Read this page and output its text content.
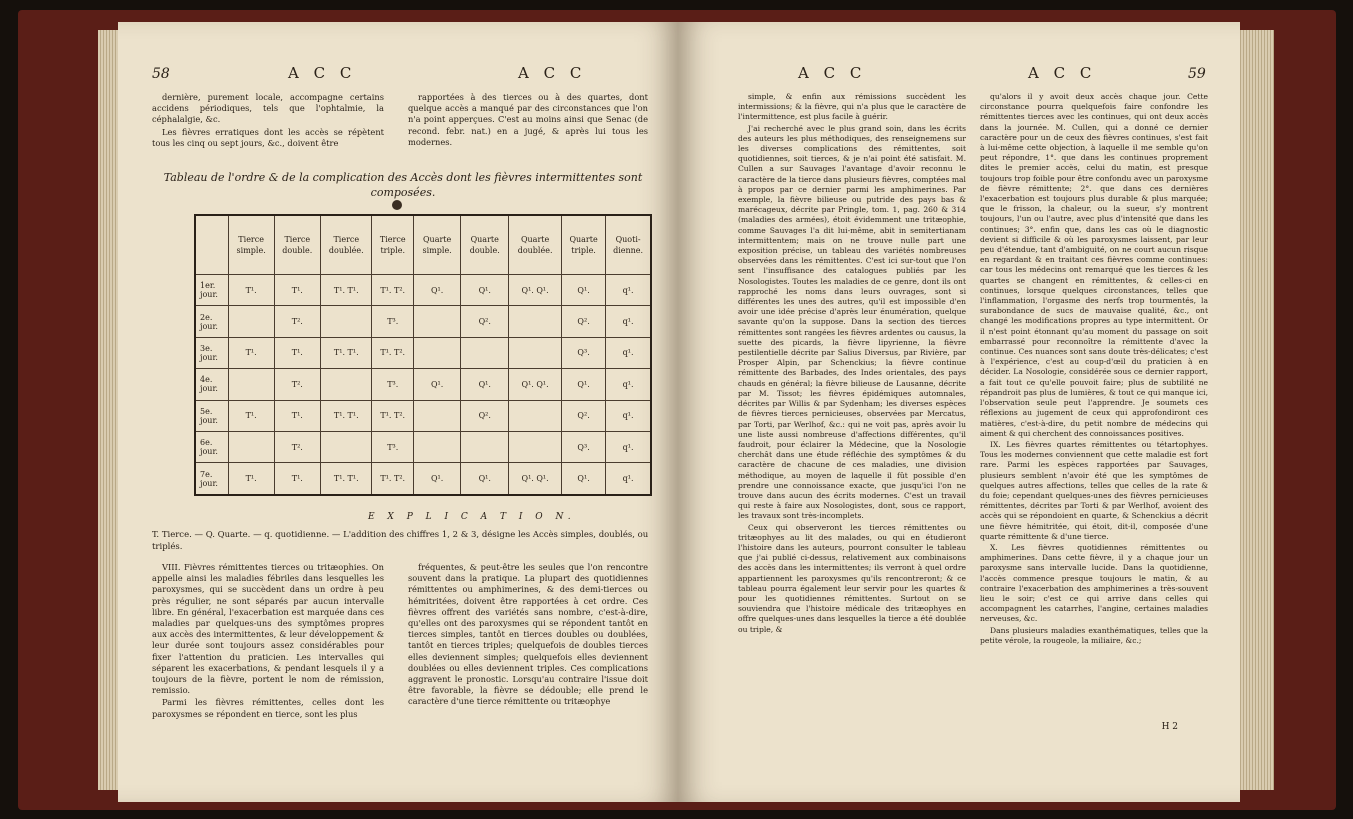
58	A C C	A C C

dernière, purement locale, accompagne certains accidens périodiques, tels que l'ophtalmie, la céphalalgie, &c.

Les fièvres erratiques dont les accès se répètent tous les cinq ou sept jours, &c., doivent être

rapportées à des tierces ou à des quartes, dont quelque accès a manqué par des circonstances que l'on n'a point apperçues. C'est au moins ainsi que Senac (de recond. febr. nat.) en a jugé, & après lui tous les modernes.

Tableau de l'ordre & de la complication des Accès dont les fièvres intermittentes sont composées.
	Tierce simple.	Tierce double.	Tierce doublée.	Tierce triple.	Quarte simple.	Quarte double.	Quarte doublée.	Quarte triple.	Quoti-dienne.
1er. jour.	T¹.	T¹.	T¹. T¹.	T¹. T².	Q¹.	Q¹.	Q¹. Q¹.	Q¹.	q¹.
2e. jour.		T².		T³.		Q².		Q².	q¹.
3e. jour.	T¹.	T¹.	T¹. T¹.	T¹. T².				Q³.	q¹.
4e. jour.		T².		T³.	Q¹.	Q¹.	Q¹. Q¹.	Q¹.	q¹.
5e. jour.	T¹.	T¹.	T¹. T¹.	T¹. T².		Q².		Q².	q¹.
6e. jour.		T².		T³.				Q³.	q¹.
7e. jour.	T¹.	T¹.	T¹. T¹.	T¹. T².	Q¹.	Q¹.	Q¹. Q¹.	Q¹.	q¹.
E X P L I C A T I O N.
T. Tierce. — Q. Quarte. — q. quotidienne. — L'addition des chiffres 1, 2 & 3, désigne les Accès simples, doublés, ou triplés.

VIII. Fièvres rémittentes tierces ou tritæophies. On appelle ainsi les maladies fébriles dans lesquelles les paroxysmes, qui se succèdent dans un ordre à peu près régulier, ne sont séparés par aucun intervalle libre. En général, l'exacerbation est marquée dans ces maladies par quelques-uns des symptômes propres aux accès des intermittentes, & leur développement & leur durée sont toujours assez considérables pour fixer l'attention du praticien. Les intervalles qui séparent les exacerbations, & pendant lesquels il y a toujours de la fièvre, portent le nom de rémission, remissio.

Parmi les fièvres rémittentes, celles dont les paroxysmes se répondent en tierce, sont les plus

fréquentes, & peut-être les seules que l'on rencontre souvent dans la pratique. La plupart des quotidiennes rémittentes ou amphimerines, & des demi-tierces ou hémitritées, doivent être rapportées à cet ordre. Ces fièvres offrent des variétés sans nombre, c'est-à-dire, qu'elles ont des paroxysmes qui se répondent tantôt en tierces simples, tantôt en tierces doubles ou doublées, tantôt en tierces triples; quelquefois de doubles tierces elles deviennent simples; quelquefois elles deviennent doublées ou elles deviennent triples. Ces complications aggravent le pronostic. Lorsqu'au contraire l'issue doit être favorable, la fièvre se dédouble; elle prend le caractère d'une tierce rémittente ou tritæophye

A C C	A C C	59

simple, & enfin aux rémissions succèdent les intermissions; & la fièvre, qui n'a plus que le caractère de l'intermittence, est plus facile à guérir.

J'ai recherché avec le plus grand soin, dans les écrits des auteurs les plus méthodiques, des renseignemens sur les diverses complications des rémittentes, soit quotidiennes, soit tierces, & je n'ai point été satisfait. M. Cullen a sur Sauvages l'avantage d'avoir reconnu le caractère de la tierce dans plusieurs fièvres, comptées mal à propos par ce dernier parmi les amphimerines. Par exemple, la fièvre bilieuse ou putride des pays bas & marécageux, décrite par Pringle, tom. 1, pag. 260 & 314 (maladies des armées), étoit évidemment une tritæophie, comme Sauvages l'a dit lui-même, abit in semitertianam intermittentem; mais on ne trouve nulle part une exposition précise, un tableau des variétés nombreuses observées dans les rémittentes. C'est ici sur-tout que l'on sent l'insuffisance des catalogues publiés par les Nosologistes. Toutes les maladies de ce genre, dont ils ont rapproché les noms dans leurs ouvrages, sont si différentes les unes des autres, qu'il est impossible d'en avoir une idée précise d'après leur énumération, quelque savante qu'on la suppose. Dans la section des tierces rémittentes sont rangées les fièvres ardentes ou causus, la suette des picards, la fièvre lipyrienne, la fièvre pestilentielle décrite par Salius Diversus, par Rivière, par Prosper Alpin, par Schenckius; la fièvre continue rémittente des Barbades, des Indes orientales, des pays chauds en général; la fièvre bilieuse de Lausanne, décrite par M. Tissot; les fièvres épidémiques automnales, décrites par Willis & par Sydenham; les diverses espèces de fièvres tierces pernicieuses, observées par Mercatus, par Torti, par Werlhof, &c.: qui ne voit pas, après avoir lu une liste aussi nombreuse d'affections différentes, qu'il faudroit, pour éclairer la Médecine, que la Nosologie cherchât dans une étude réfléchie des symptômes & du caractère de chacune de ces maladies, une division méthodique, au moyen de laquelle il fût possible d'en prendre une connoissance exacte, que jusqu'ici l'on ne trouve dans aucun des écrits modernes. C'est un travail qui reste à faire aux Nosologistes, dont, sous ce rapport, les travaux sont très-incomplets.

Ceux qui observeront les tierces rémittentes ou tritæophyes au lit des malades, ou qui en étudieront l'histoire dans les auteurs, pourront consulter le tableau que j'ai publié ci-dessus, relativement aux combinaisons des accès dans les intermittentes; ils verront à quel ordre appartiennent les paroxysmes qu'ils rencontreront; & ce tableau pourra également leur servir pour les quartes & pour les quotidiennes rémittentes. Surtout on se souviendra que l'histoire médicale des tritæophyes en offre quelques-unes dans lesquelles la tierce a été doublée ou triple, &

qu'alors il y avoit deux accès chaque jour. Cette circonstance pourra quelquefois faire confondre les rémittentes tierces avec les continues, qui ont deux accès dans la journée. M. Cullen, qui a donné ce dernier caractère pour un de ceux des fièvres continues, s'est fait à lui-même cette objection, à laquelle il me semble qu'on peut répondre, 1°. que dans les continues proprement dites le premier accès, celui du matin, est presque toujours trop foible pour être confondu avec un paroxysme de fièvre rémittente; 2°. que dans ces dernières l'exacerbation est toujours plus durable & plus marquée; que le frisson, la chaleur, ou la sueur, s'y montrent toujours, l'un ou l'autre, avec plus d'intensité que dans les continues; 3°. enfin que, dans les cas où le diagnostic devient si difficile & où les paroxysmes laissent, par leur peu d'étendue, tant d'ambiguité, on ne court aucun risque en regardant & en traitant ces fièvres comme continues: car tous les médecins ont remarqué que les tierces & les quartes se changent en rémittentes, & celles-ci en continues, lorsque quelques circonstances, telles que l'inflammation, l'orgasme des nerfs trop tourmentés, la surabondance de sucs de mauvaise qualité, &c., ont changé les modifications propres au type intermittent. Or il n'est point étonnant qu'au moment du passage on soit embarrassé pour reconnoître la rémittente d'avec la continue. Ces nuances sont sans doute très-délicates; c'est à l'expérience, c'est au coup-d'œil du praticien à en décider. La Nosologie, considérée sous ce dernier rapport, a fait tout ce qu'elle pouvoit faire; plus de subtilité ne répandroit pas plus de lumières, & tout ce qui manque ici, l'observation seule peut l'apprendre. Je soumets ces réflexions au jugement de ceux qui approfondiront ces matières, c'est-à-dire, du petit nombre de médecins qui aiment & qui cherchent des connoissances positives.

IX. Les fièvres quartes rémittentes ou tétartophyes. Tous les modernes conviennent que cette maladie est fort rare. Parmi les espèces rapportées par Sauvages, plusieurs semblent n'avoir été que les symptômes de quelques autres affections, telles que celles de la rate & du foie; cependant quelques-unes des fièvres pernicieuses rémittentes, décrites par Torti & par Werlhof, avoient des accès qui se répondoient en quarte, & Schenckius a décrit une fièvre hémitritée, qui étoit, dit-il, composée d'une quarte rémittente & d'une tierce.

X. Les fièvres quotidiennes rémittentes ou amphimerines. Dans cette fièvre, il y a chaque jour un paroxysme sans intervalle lucide. Dans la quotidienne, l'accès commence presque toujours le matin, & au contraire l'exacerbation des amphimerines a très-souvent lieu le soir; c'est ce qui arrive dans celles qui accompagnent les catarrhes, l'angine, certaines maladies nerveuses, &c.

Dans plusieurs maladies exanthématiques, telles que la petite vérole, la rougeole, la miliaire, &c.;

H 2
